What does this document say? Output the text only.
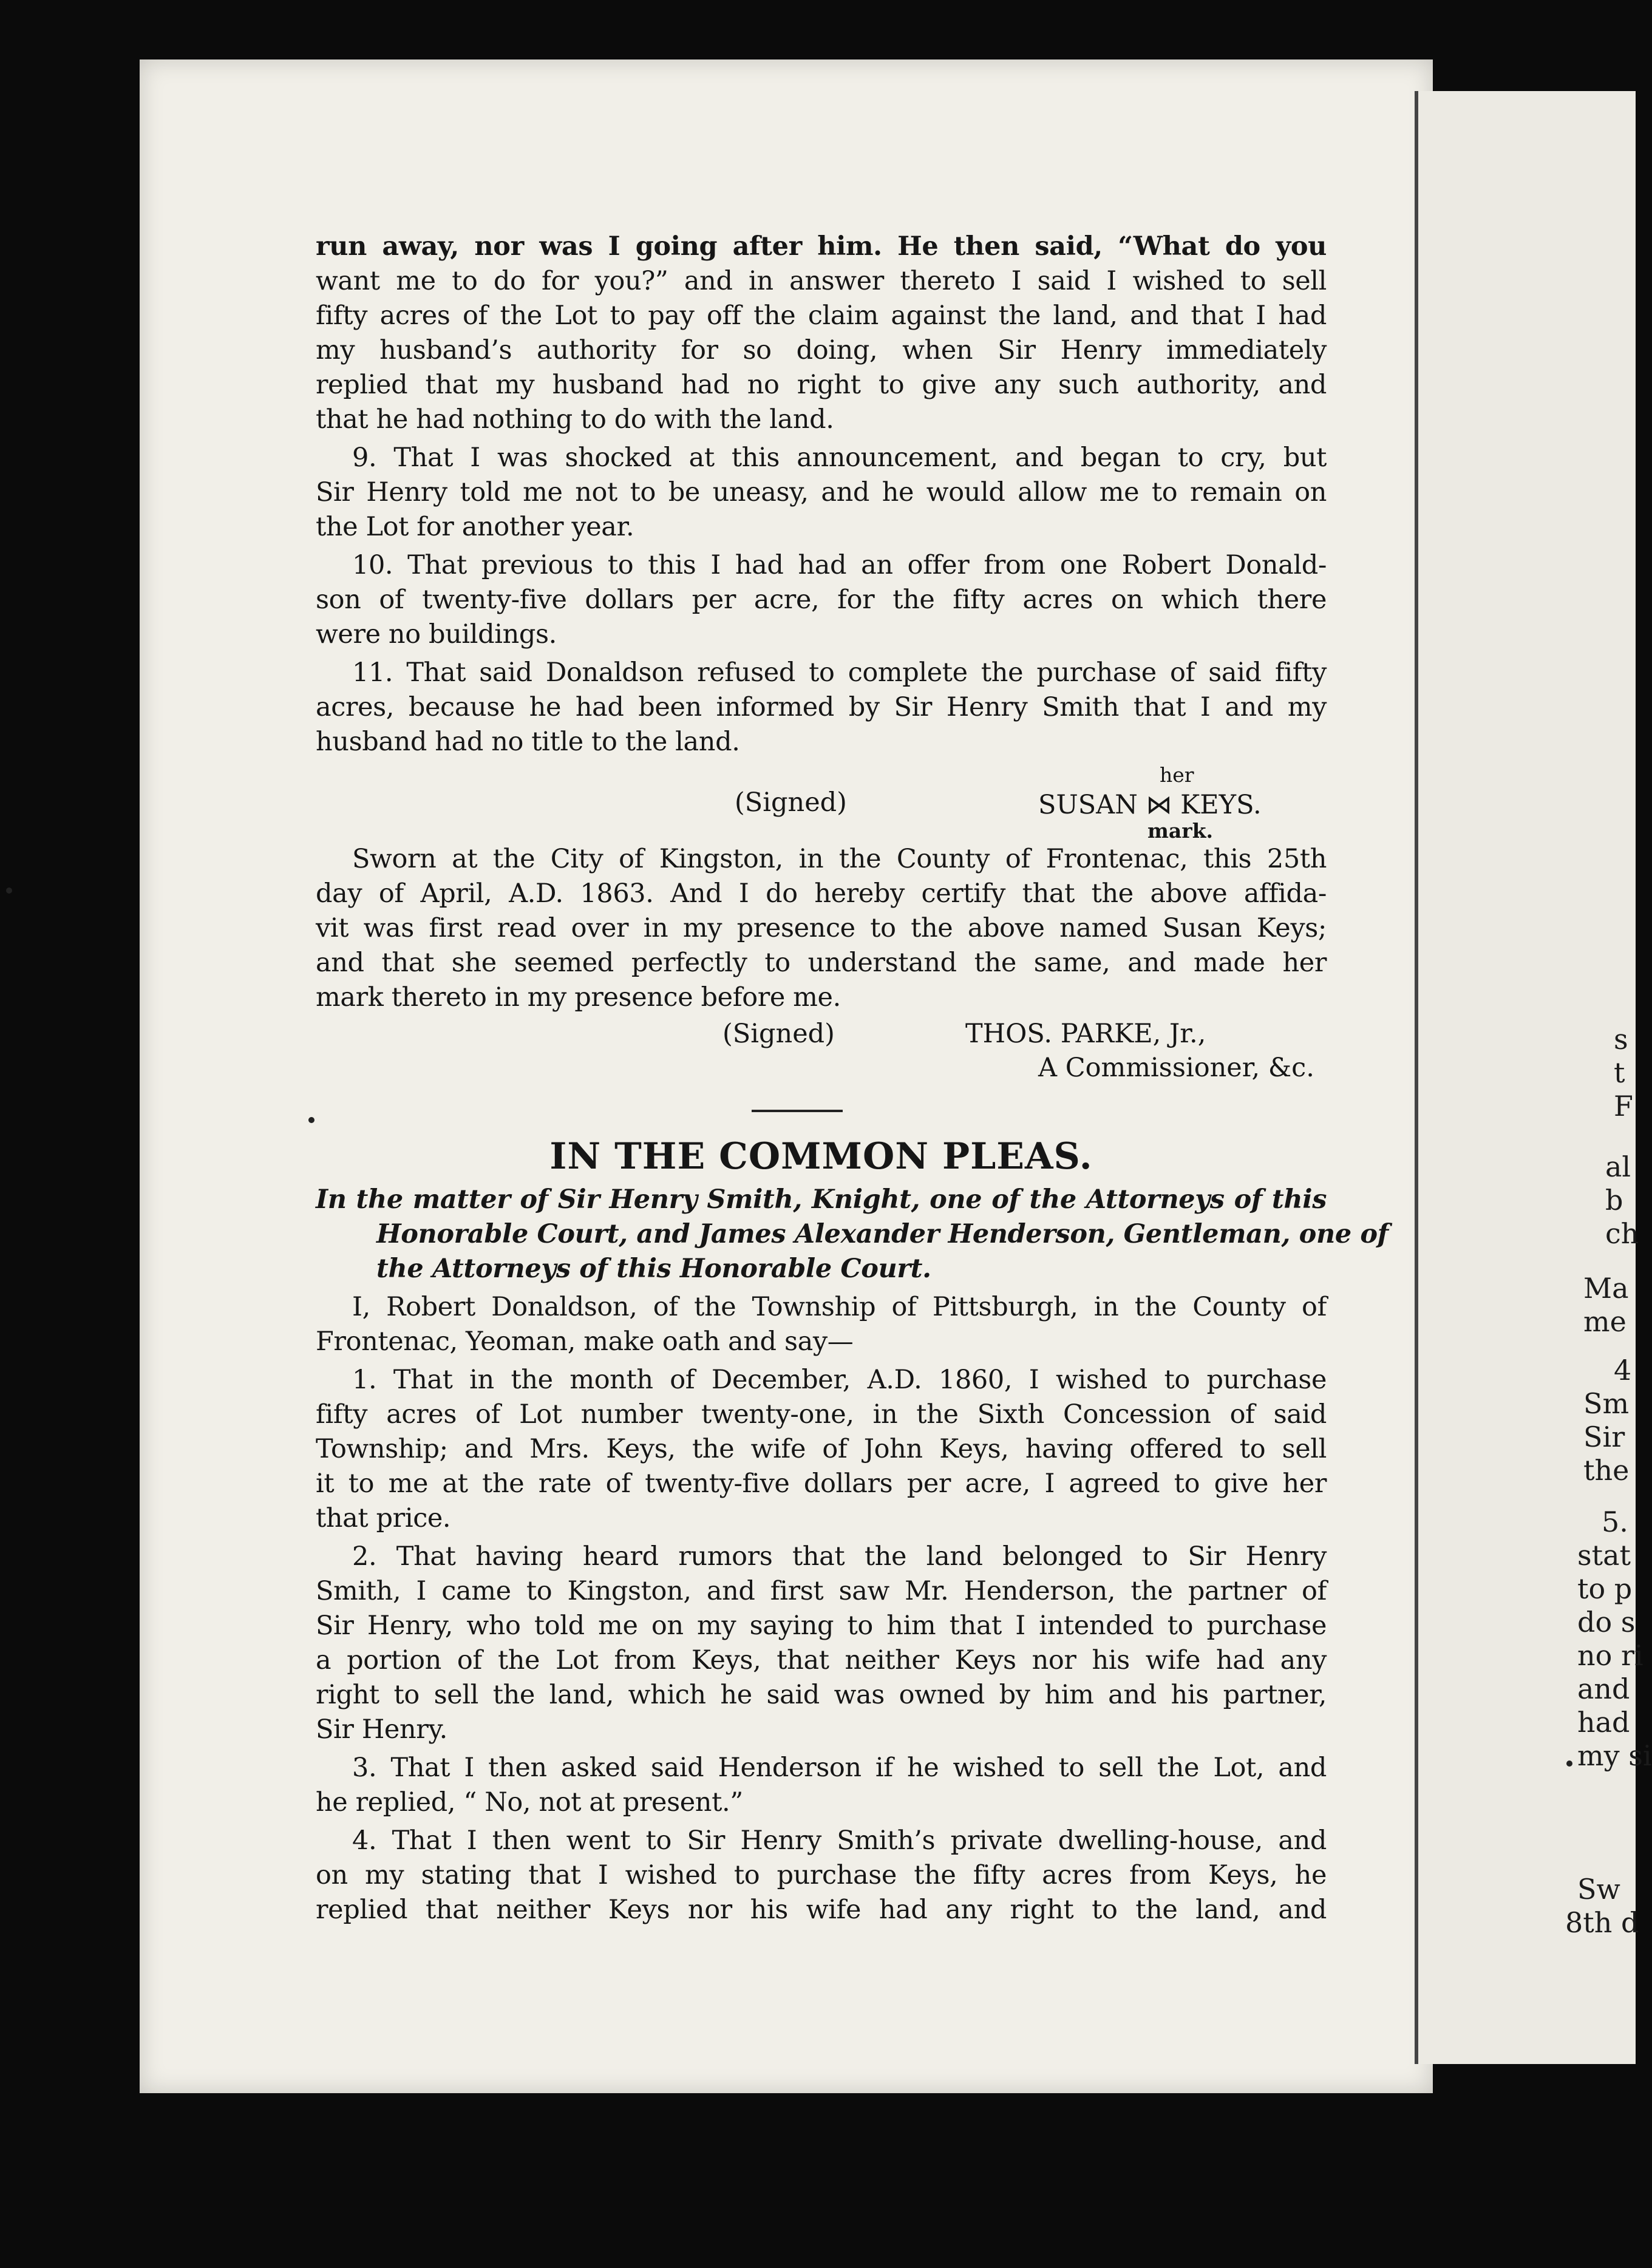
s
t
F
al
b
ch
Ma
me
4
Sm
Sir
the
5.
stat
to p
do s
no ri
and
had
my si
Sw
8th d
run away, nor was I going after him. He then said, “What do you
want me to do for you?” and in answer thereto I said I wished to sell
fifty acres of the Lot to pay off the claim against the land, and that I had
my husband’s authority for so doing, when Sir Henry immediately
replied that my husband had no right to give any such authority, and
that he had nothing to do with the land.
9. That I was shocked at this announcement, and began to cry, but
Sir Henry told me not to be uneasy, and he would allow me to remain on
the Lot for another year.
10. That previous to this I had had an offer from one Robert Donald-
son of twenty-five dollars per acre, for the fifty acres on which there
were no buildings.
11. That said Donaldson refused to complete the purchase of said fifty
acres, because he had been informed by Sir Henry Smith that I and my
husband had no title to the land.
(Signed)
her
SUSAN ⋈ KEYS.
mark.
Sworn at the City of Kingston, in the County of Frontenac, this 25th
day of April, A.D. 1863. And I do hereby certify that the above affida-
vit was first read over in my presence to the above named Susan Keys;
and that she seemed perfectly to understand the same, and made her
mark thereto in my presence before me.
(Signed)	THOS. PARKE, Jr.,
A Commissioner, &c.
IN THE COMMON PLEAS.
In the matter of Sir Henry Smith, Knight, one of the Attorneys of this
Honorable Court, and James Alexander Henderson, Gentleman, one of
the Attorneys of this Honorable Court.
I, Robert Donaldson, of the Township of Pittsburgh, in the County of
Frontenac, Yeoman, make oath and say—
1. That in the month of December, A.D. 1860, I wished to purchase
fifty acres of Lot number twenty-one, in the Sixth Concession of said
Township; and Mrs. Keys, the wife of John Keys, having offered to sell
it to me at the rate of twenty-five dollars per acre, I agreed to give her
that price.
2. That having heard rumors that the land belonged to Sir Henry
Smith, I came to Kingston, and first saw Mr. Henderson, the partner of
Sir Henry, who told me on my saying to him that I intended to purchase
a portion of the Lot from Keys, that neither Keys nor his wife had any
right to sell the land, which he said was owned by him and his partner,
Sir Henry.
3. That I then asked said Henderson if he wished to sell the Lot, and
he replied, “ No, not at present.”
4. That I then went to Sir Henry Smith’s private dwelling-house, and
on my stating that I wished to purchase the fifty acres from Keys, he
replied that neither Keys nor his wife had any right to the land, and
